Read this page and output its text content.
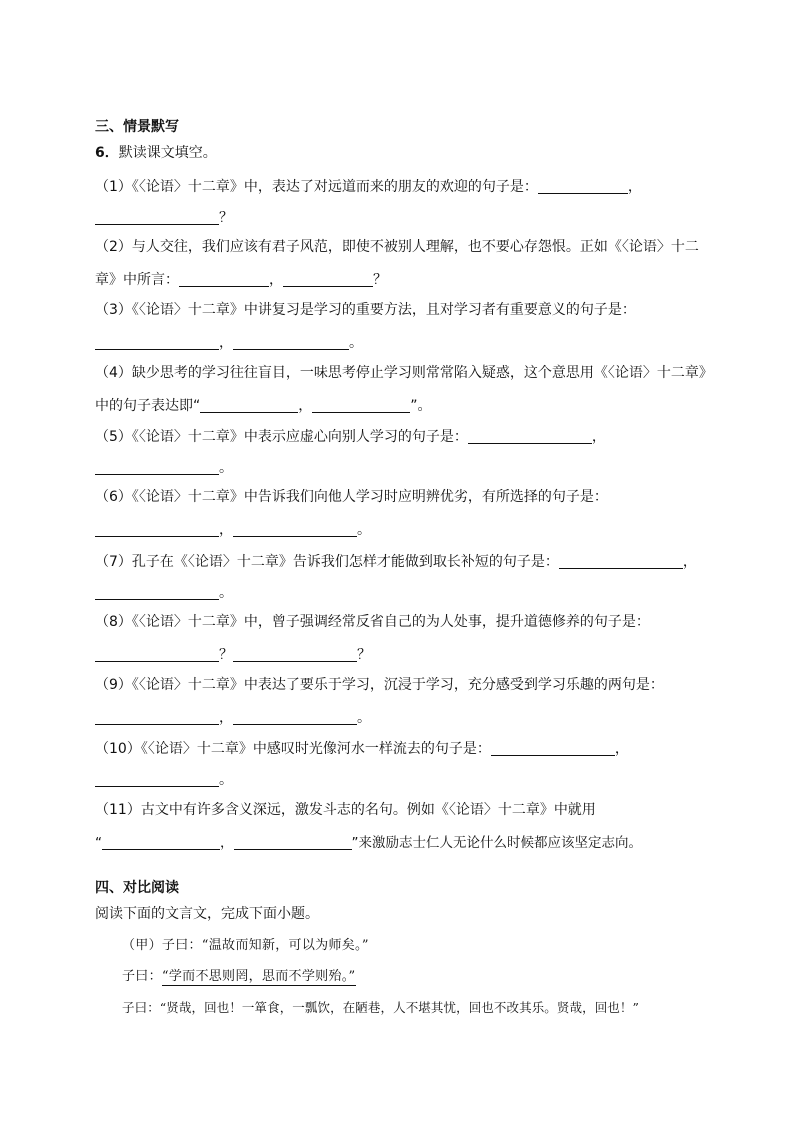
三、情景默写
6．默读课文填空。
（1）《〈论语〉十二章》中，表达了对远道而来的朋友的欢迎的句子是：	，
？
（2）与人交往，我们应该有君子风范，即使不被别人理解，也不要心存怨恨。正如《〈论语〉十二
章》中所言：	，	？
（3）《〈论语〉十二章》中讲复习是学习的重要方法，且对学习者有重要意义的句子是：
，	。
（4）缺少思考的学习往往盲目，一味思考停止学习则常常陷入疑惑，这个意思用《〈论语〉十二章》
中的句子表达即“	，	”。
（5）《〈论语〉十二章》中表示应虚心向别人学习的句子是：	，
。
（6）《〈论语〉十二章》中告诉我们向他人学习时应明辨优劣，有所选择的句子是：
，	。
（7）孔子在《〈论语〉十二章》告诉我们怎样才能做到取长补短的句子是：	，
。
（8）《〈论语〉十二章》中，曾子强调经常反省自己的为人处事，提升道德修养的句子是：
？	？
（9）《〈论语〉十二章》中表达了要乐于学习，沉浸于学习，充分感受到学习乐趣的两句是：
，	。
（10）《〈论语〉十二章》中感叹时光像河水一样流去的句子是：	，
。
（11）古文中有许多含义深远，激发斗志的名句。例如《〈论语〉十二章》中就用
“	，	”来激励志士仁人无论什么时候都应该坚定志向。
四、对比阅读
阅读下面的文言文，完成下面小题。
（甲）子曰：“温故而知新，可以为师矣。”
子曰：“学而不思则罔，思而不学则殆。”
子曰：“贤哉，回也！一箪食，一瓢饮，在陋巷，人不堪其忧，回也不改其乐。贤哉，回也！”
